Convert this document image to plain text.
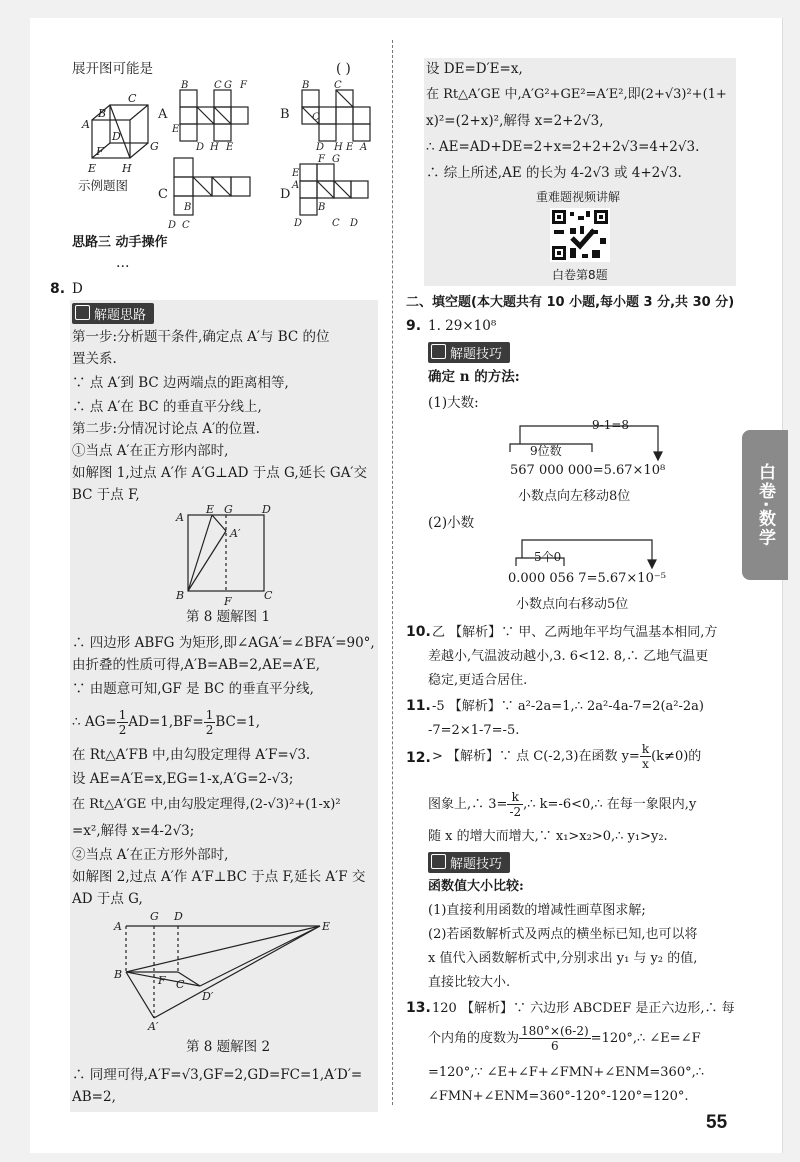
展开图可能是	( )
B
C
A
D
F	G
E H
示例题图
A
B	C G F
E
D H E
B
B C
C
D H E A
C
B
D C
D
F G
E
A
B
D	C D
思路三 动手操作
…
设 DE=D′E=x,
在 Rt△A′GE 中,A′G²+GE²=A′E²,即(2+√3)²+(1+
x)²=(2+x)²,解得 x=2+2√3,
∴ AE=AD+DE=2+x=2+2+2√3=4+2√3.
∴ 综上所述,AE 的长为 4-2√3 或 4+2√3.
重难题视频讲解
白卷第8题
8. D
解题思路
第一步:分析题干条件,确定点 A′与 BC 的位
置关系.
∵ 点 A′到 BC 边两端点的距离相等,
∴ 点 A′在 BC 的垂直平分线上,
第二步:分情况讨论点 A′的位置.
①当点 A′在正方形内部时,
如解图 1,过点 A′作 A′G⊥AD 于点 G,延长 GA′交
BC 于点 F,
A
E G	D
A′
B	F	C
第 8 题解图 1
∴ 四边形 ABFG 为矩形,即∠AGA′=∠BFA′=90°,
由折叠的性质可得,A′B=AB=2,AE=A′E,
∵ 由题意可知,GF 是 BC 的垂直平分线,
∴ $AG= \frac{1}{2} AD=1,BF= \frac{1}{2} BC=1$,
在 Rt△A′FB 中,由勾股定理得 A′F=√3.
设 AE=A′E=x,EG=1-x,A′G=2-√3;
在 Rt△A′GE 中,由勾股定理得,(2-√3)²+(1-x)²
=x²,解得 x=4-2√3;
②当点 A′在正方形外部时,
如解图 2,过点 A′作 A′F⊥BC 于点 F,延长 A′F 交
AD 于点 G,
A
G D
E
B	F C
D′
A′
第 8 题解图 2
∴ 同理可得,A′F=√3,GF=2,GD=FC=1,A′D′=
AB=2,
二、填空题(本大题共有 10 小题,每小题 3 分,共 30 分)
9. 1. 29×10⁸
解题技巧
确定 n 的方法:
(1)大数:
9-1=8
9位数
567 000 000=5.67×10⁸
小数点向左移动8位
(2)小数
5个0
0.000 056 7=5.67×10⁻⁵
小数点向右移动5位
10. 乙 【解析】∵ 甲、乙两地年平均气温基本相同,方
差越小,气温波动越小,3. 6<12. 8,∴ 乙地气温更
稳定,更适合居住.
11. -5 【解析】∵ a²-2a=1,∴ 2a²-4a-7=2(a²-2a)
-7=2×1-7=-5.
12. > 【解析】∵ 点 C(-2,3)在函数 $y= \frac{k}{x} (k\ne 0)$的
图象上,∴ $3= \frac{k}{-2}$ ,∴ k=-6<0,∴ 在每一象限内,y
随 x 的增大而增大,∵ x₁>x₂>0,∴ y₁>y₂.
解题技巧
函数值大小比较:
(1)直接利用函数的增减性画草图求解;
(2)若函数解析式及两点的横坐标已知,也可以将
x 值代入函数解析式中,分别求出 y₁ 与 y₂ 的值,
直接比较大小.
13. 120 【解析】∵ 六边形 ABCDEF 是正六边形,∴ 每
个内角的度数为 $\frac{180^\circ\times(6-2)}{6}$ =120°,∴ ∠E=∠F
=120°,∵ ∠E+∠F+∠FMN+∠ENM=360°,∴
∠FMN+∠ENM=360°-120°-120°=120°.
白卷·数学
55
